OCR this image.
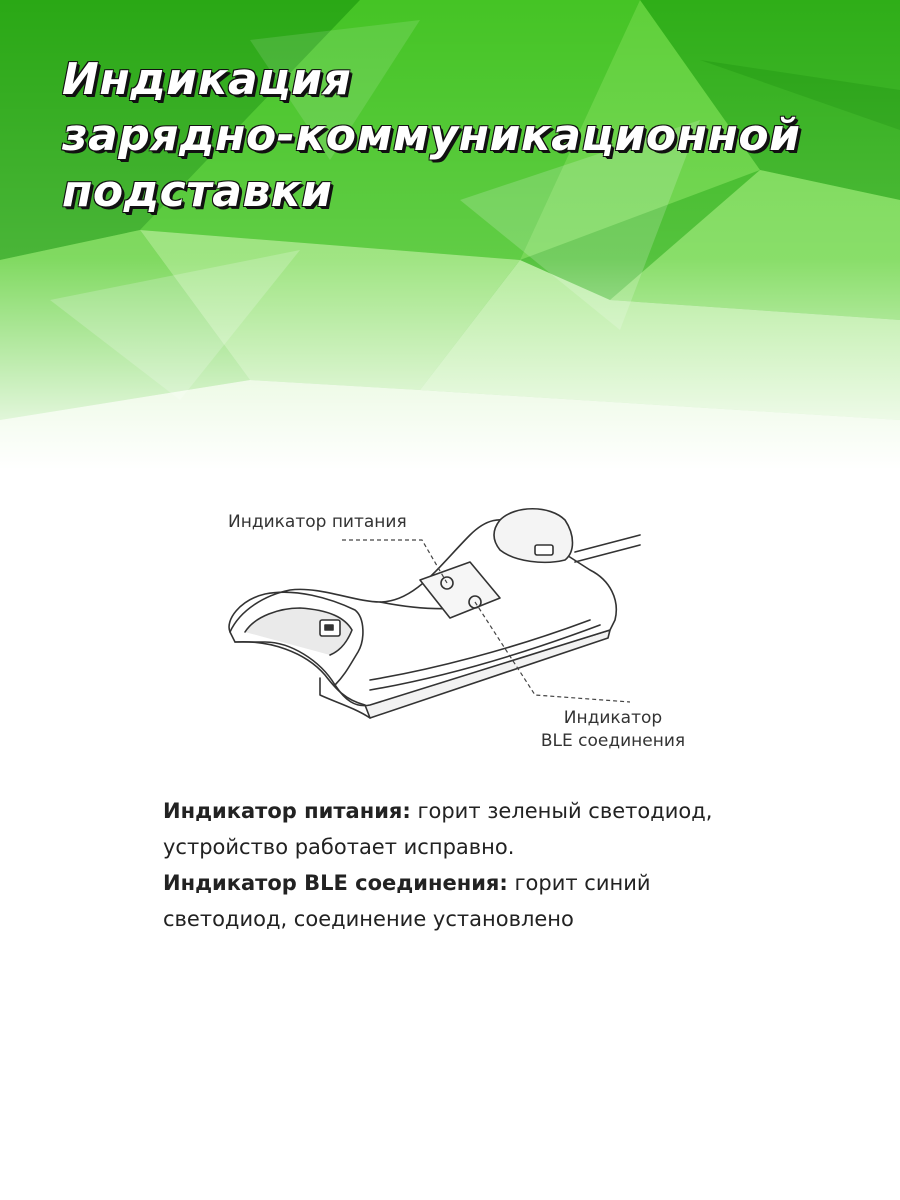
Индикация
зарядно-коммуникационной
подставки
Индикатор питания
Индикатор
BLE соединения

Индикатор питания: горит зеленый светодиод,

устройство работает исправно.

Индикатор BLE соединения: горит синий

светодиод, соединение установлено
